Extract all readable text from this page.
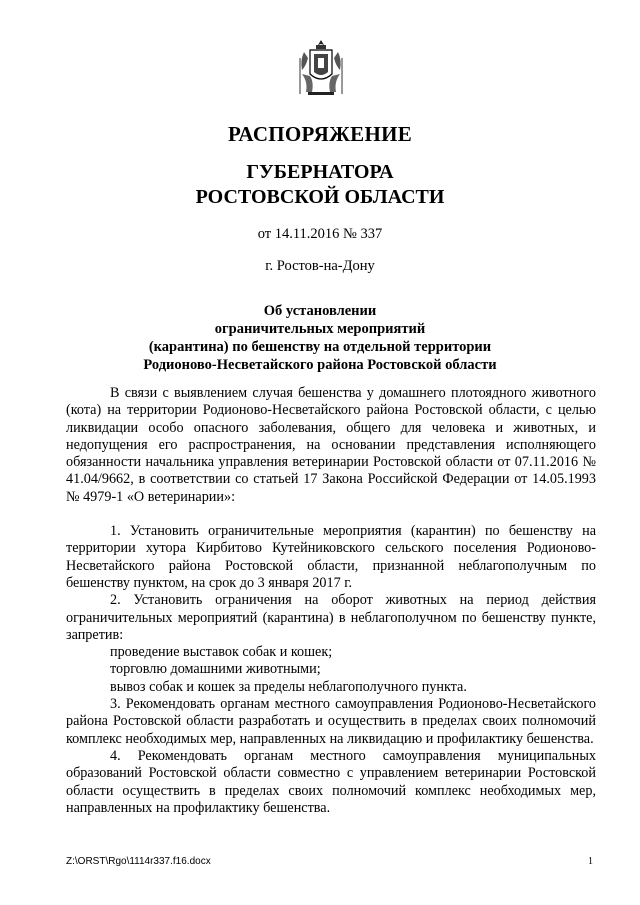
РАСПОРЯЖЕНИЕ
ГУБЕРНАТОРА
РОСТОВСКОЙ ОБЛАСТИ
от 14.11.2016 № 337
г. Ростов-на-Дону
Об установлении
ограничительных мероприятий
(карантина) по бешенству на отдельной территории
Родионово-Несветайского района Ростовской области

В связи с выявлением случая бешенства у домашнего плотоядного животного (кота) на территории Родионово-Несветайского района Ростовской области, с целью ликвидации особо опасного заболевания, общего для человека и животных, и недопущения его распространения, на основании представления исполняющего обязанности начальника управления ветеринарии Ростовской области от 07.11.2016 № 41.04/9662, в соответствии со статьей 17 Закона Российской Федерации от 14.05.1993 № 4979-1 «О ветеринарии»:

1. Установить ограничительные мероприятия (карантин) по бешенству на территории хутора Кирбитово Кутейниковского сельского поселения Родионово-Несветайского района Ростовской области, признанной неблагополучным по бешенству пунктом, на срок до 3 января 2017 г.

2. Установить ограничения на оборот животных на период действия ограничительных мероприятий (карантина) в неблагополучном по бешенству пункте, запретив:

проведение выставок собак и кошек;

торговлю домашними животными;

вывоз собак и кошек за пределы неблагополучного пункта.

3. Рекомендовать органам местного самоуправления Родионово-Несветайского района Ростовской области разработать и осуществить в пределах своих полномочий комплекс необходимых мер, направленных на ликвидацию и профилактику бешенства.

4. Рекомендовать органам местного самоуправления муниципальных образований Ростовской области совместно с управлением ветеринарии Ростовской области осуществить в пределах своих полномочий комплекс необходимых мер, направленных на профилактику бешенства.

Z:\ORST\Rgo\1114r337.f16.docx	1
